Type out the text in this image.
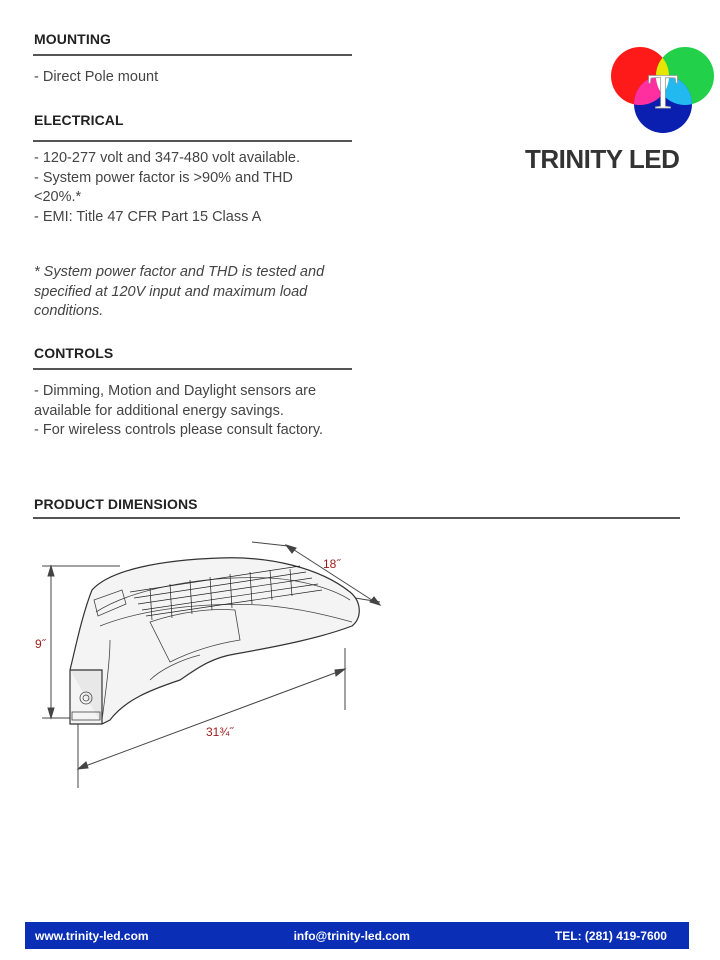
MOUNTING
- Direct Pole mount
ELECTRICAL
- 120-277 volt and 347-480 volt available.
- System power factor is >90% and THD <20%.*
- EMI: Title 47 CFR Part 15 Class A
* System power factor and THD is tested and specified at 120V input and maximum load conditions.
CONTROLS
- Dimming, Motion and Daylight sensors are available for additional energy savings.
- For wireless controls please consult factory.
PRODUCT DIMENSIONS
T
TRINITY LED
18˝
9˝
31¾˝
www.trinity-led.com	info@trinity-led.com	TEL: (281) 419-7600
